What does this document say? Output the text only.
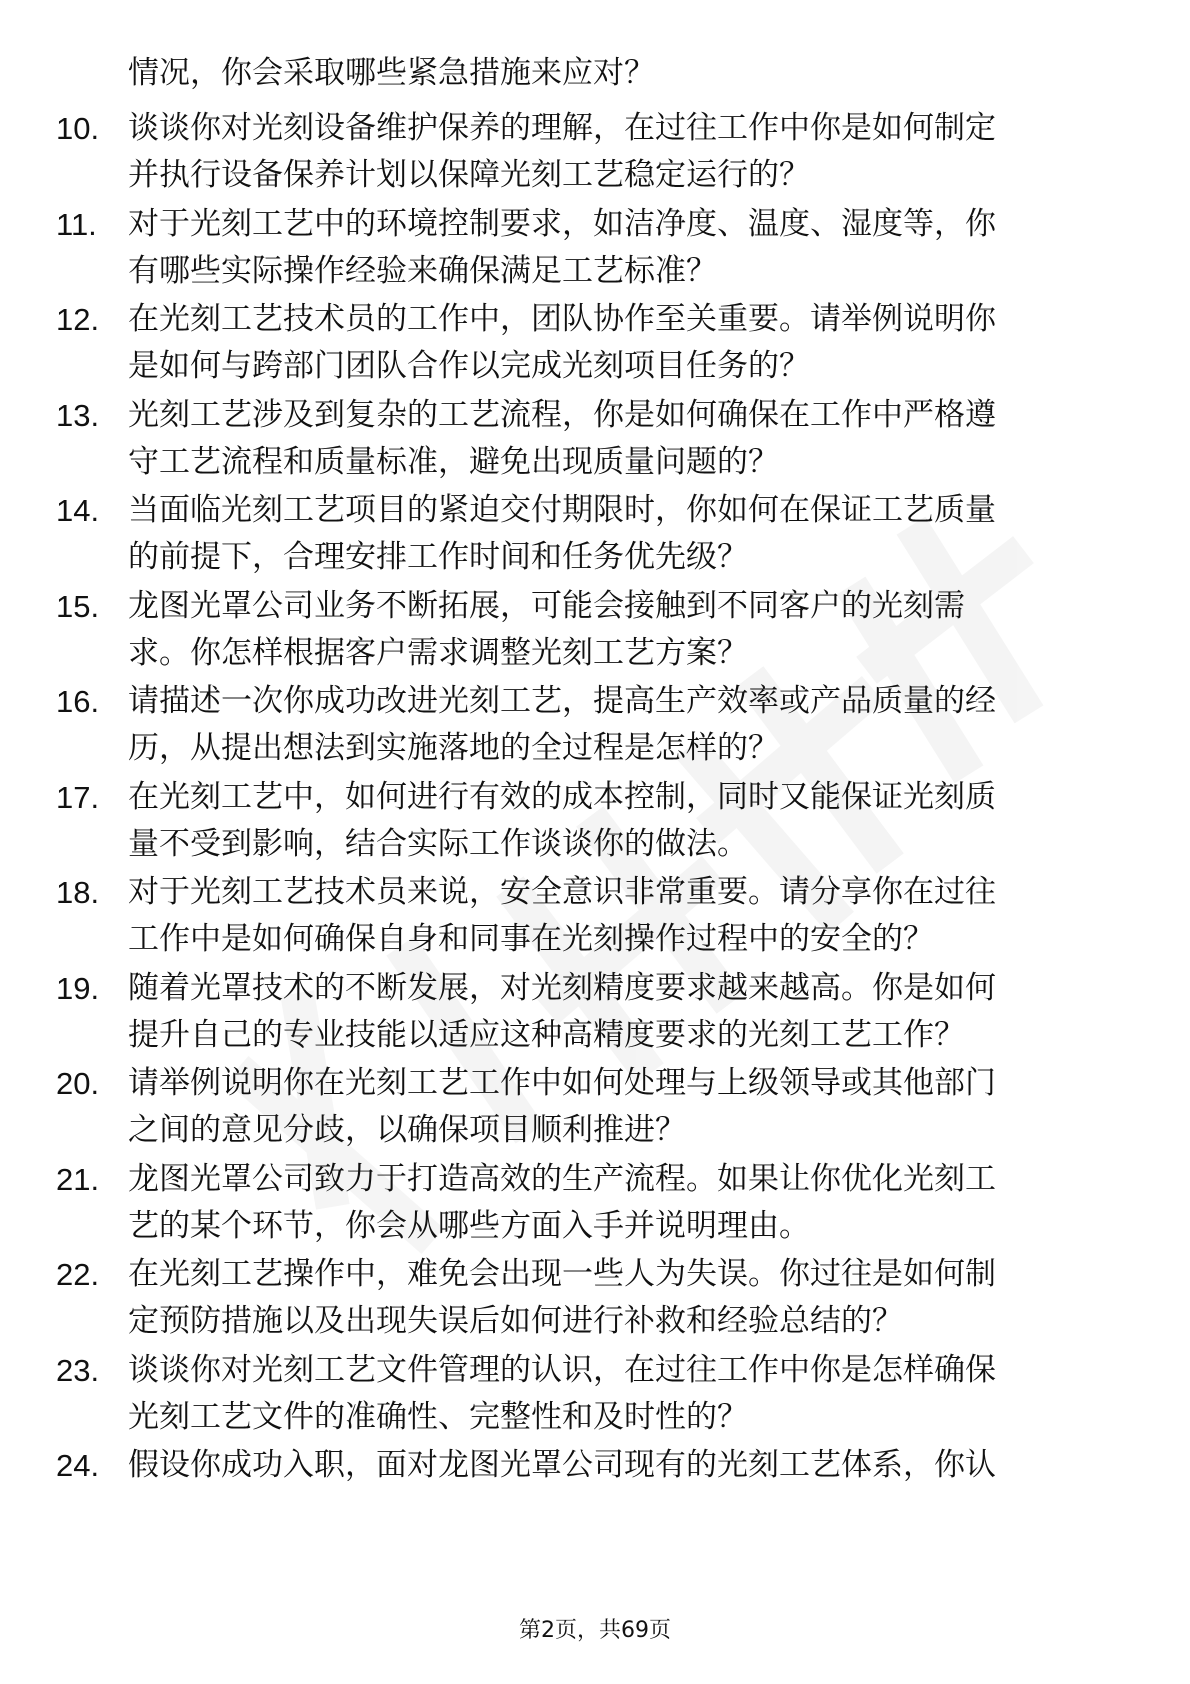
情况，你会采取哪些紧急措施来应对？
10. 谈谈你对光刻设备维护保养的理解，在过往工作中你是如何制定
并执行设备保养计划以保障光刻工艺稳定运行的？
11.	对于光刻工艺中的环境控制要求，如洁净度、温度、湿度等，你
有哪些实际操作经验来确保满足工艺标准？
12. 在光刻工艺技术员的工作中，团队协作至关重要。请举例说明你
是如何与跨部门团队合作以完成光刻项目任务的？
13. 光刻工艺涉及到复杂的工艺流程，你是如何确保在工作中严格遵
守工艺流程和质量标准，避免出现质量问题的？
14. 当面临光刻工艺项目的紧迫交付期限时，你如何在保证工艺质量
的前提下，合理安排工作时间和任务优先级？
15. 龙图光罩公司业务不断拓展，可能会接触到不同客户的光刻需
求。你怎样根据客户需求调整光刻工艺方案？
16. 请描述一次你成功改进光刻工艺，提高生产效率或产品质量的经
历，从提出想法到实施落地的全过程是怎样的？
17. 在光刻工艺中，如何进行有效的成本控制，同时又能保证光刻质
量不受到影响，结合实际工作谈谈你的做法。
18. 对于光刻工艺技术员来说，安全意识非常重要。请分享你在过往
工作中是如何确保自身和同事在光刻操作过程中的安全的？
19. 随着光罩技术的不断发展，对光刻精度要求越来越高。你是如何
提升自己的专业技能以适应这种高精度要求的光刻工艺工作？
20. 请举例说明你在光刻工艺工作中如何处理与上级领导或其他部门
之间的意见分歧，以确保项目顺利推进？
21. 龙图光罩公司致力于打造高效的生产流程。如果让你优化光刻工
艺的某个环节，你会从哪些方面入手并说明理由。
22. 在光刻工艺操作中，难免会出现一些人为失误。你过往是如何制
定预防措施以及出现失误后如何进行补救和经验总结的？
23. 谈谈你对光刻工艺文件管理的认识，在过往工作中你是怎样确保
光刻工艺文件的准确性、完整性和及时性的？
24. 假设你成功入职，面对龙图光罩公司现有的光刻工艺体系，你认
第2页，共69页
